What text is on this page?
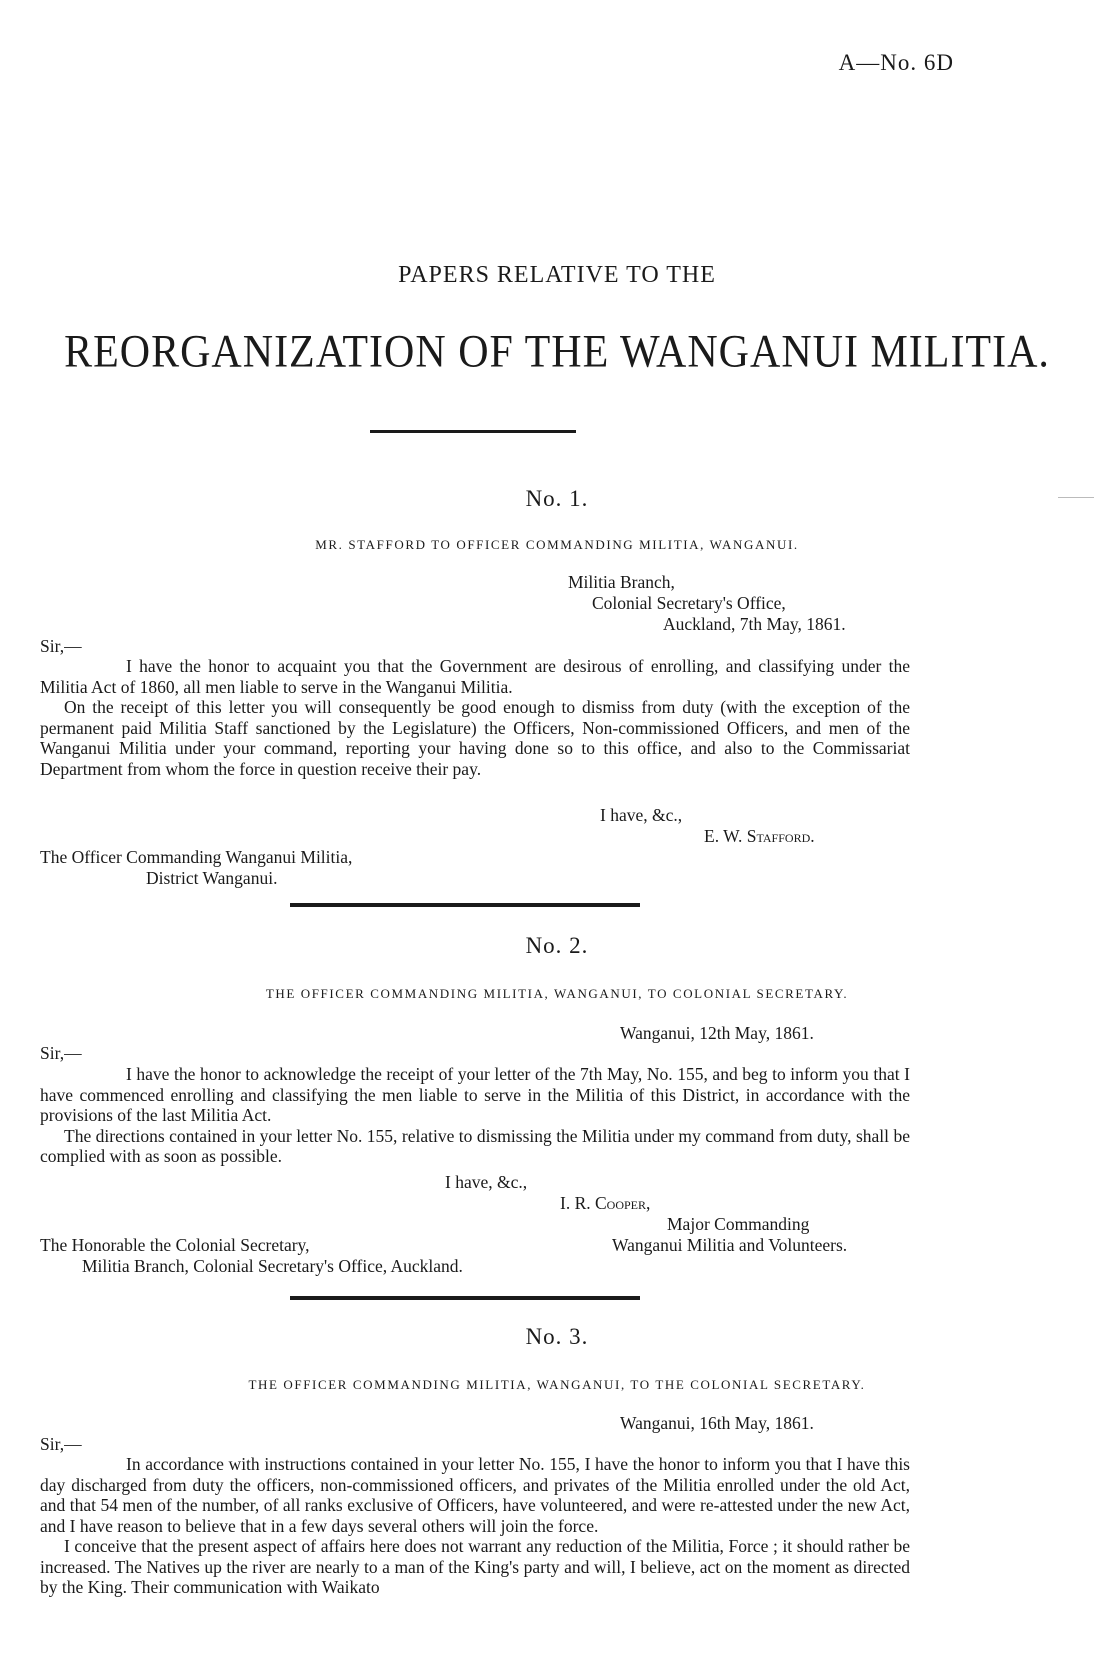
A—No. 6D
PAPERS RELATIVE TO THE
REORGANIZATION OF THE WANGANUI MILITIA.
No. 1.
MR. STAFFORD TO OFFICER COMMANDING MILITIA, WANGANUI.
Militia Branch,
Colonial Secretary's Office,
Auckland, 7th May, 1861.
Sir,—

I have the honor to acquaint you that the Government are desirous of enrolling, and classifying under the Militia Act of 1860, all men liable to serve in the Wanganui Militia.

On the receipt of this letter you will consequently be good enough to dismiss from duty (with the exception of the permanent paid Militia Staff sanctioned by the Legislature) the Officers, Non-commissioned Officers, and men of the Wanganui Militia under your command, reporting your having done so to this office, and also to the Commissariat Department from whom the force in question receive their pay.

I have, &c.,
E. W. Stafford.
The Officer Commanding Wanganui Militia,
District Wanganui.
No. 2.
THE OFFICER COMMANDING MILITIA, WANGANUI, TO COLONIAL SECRETARY.
Wanganui, 12th May, 1861.
Sir,—

I have the honor to acknowledge the receipt of your letter of the 7th May, No. 155, and beg to inform you that I have commenced enrolling and classifying the men liable to serve in the Militia of this District, in accordance with the provisions of the last Militia Act.

The directions contained in your letter No. 155, relative to dismissing the Militia under my command from duty, shall be complied with as soon as possible.

I have, &c.,
I. R. Cooper,
Major Commanding
Wanganui Militia and Volunteers.
The Honorable the Colonial Secretary,
Militia Branch, Colonial Secretary's Office, Auckland.
No. 3.
THE OFFICER COMMANDING MILITIA, WANGANUI, TO THE COLONIAL SECRETARY.
Wanganui, 16th May, 1861.
Sir,—

In accordance with instructions contained in your letter No. 155, I have the honor to inform you that I have this day discharged from duty the officers, non-commissioned officers, and privates of the Militia enrolled under the old Act, and that 54 men of the number, of all ranks exclusive of Officers, have volunteered, and were re-attested under the new Act, and I have reason to believe that in a few days several others will join the force.

I conceive that the present aspect of affairs here does not warrant any reduction of the Militia, Force ; it should rather be increased. The Natives up the river are nearly to a man of the King's party and will, I believe, act on the moment as directed by the King. Their communication with Waikato
